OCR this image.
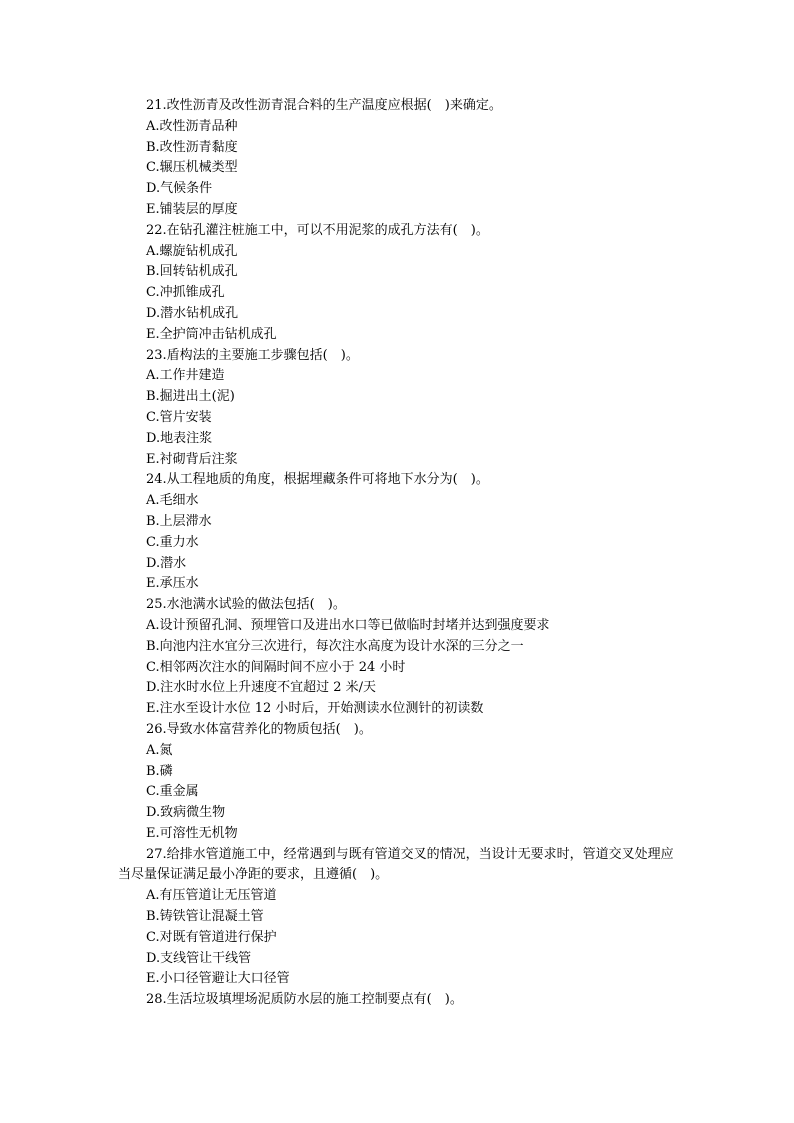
21.改性沥青及改性沥青混合料的生产温度应根据(　)来确定。
A.改性沥青品种
B.改性沥青黏度
C.辗压机械类型
D.气候条件
E.铺装层的厚度
22.在钻孔灌注桩施工中，可以不用泥浆的成孔方法有(　)。
A.螺旋钻机成孔
B.回转钻机成孔
C.冲抓锥成孔
D.潜水钻机成孔
E.全护筒冲击钻机成孔
23.盾构法的主要施工步骤包括(　)。
A.工作井建造
B.掘进出土(泥)
C.管片安装
D.地表注浆
E.衬砌背后注浆
24.从工程地质的角度，根据埋藏条件可将地下水分为(　)。
A.毛细水
B.上层滞水
C.重力水
D.潜水
E.承压水
25.水池满水试验的做法包括(　)。
A.设计预留孔洞、预埋管口及进出水口等已做临时封堵并达到强度要求
B.向池内注水宜分三次进行，每次注水高度为设计水深的三分之一
C.相邻两次注水的间隔时间不应小于 24 小时
D.注水时水位上升速度不宜超过 2 米/天
E.注水至设计水位 12 小时后，开始测读水位测针的初读数
26.导致水体富营养化的物质包括(　)。
A.氮
B.磷
C.重金属
D.致病微生物
E.可溶性无机物
27.给排水管道施工中，经常遇到与既有管道交叉的情况，当设计无要求时，管道交叉处理应当尽量保证满足最小净距的要求，且遵循(　)。
A.有压管道让无压管道
B.铸铁管让混凝土管
C.对既有管道进行保护
D.支线管让干线管
E.小口径管避让大口径管
28.生活垃圾填埋场泥质防水层的施工控制要点有(　)。
